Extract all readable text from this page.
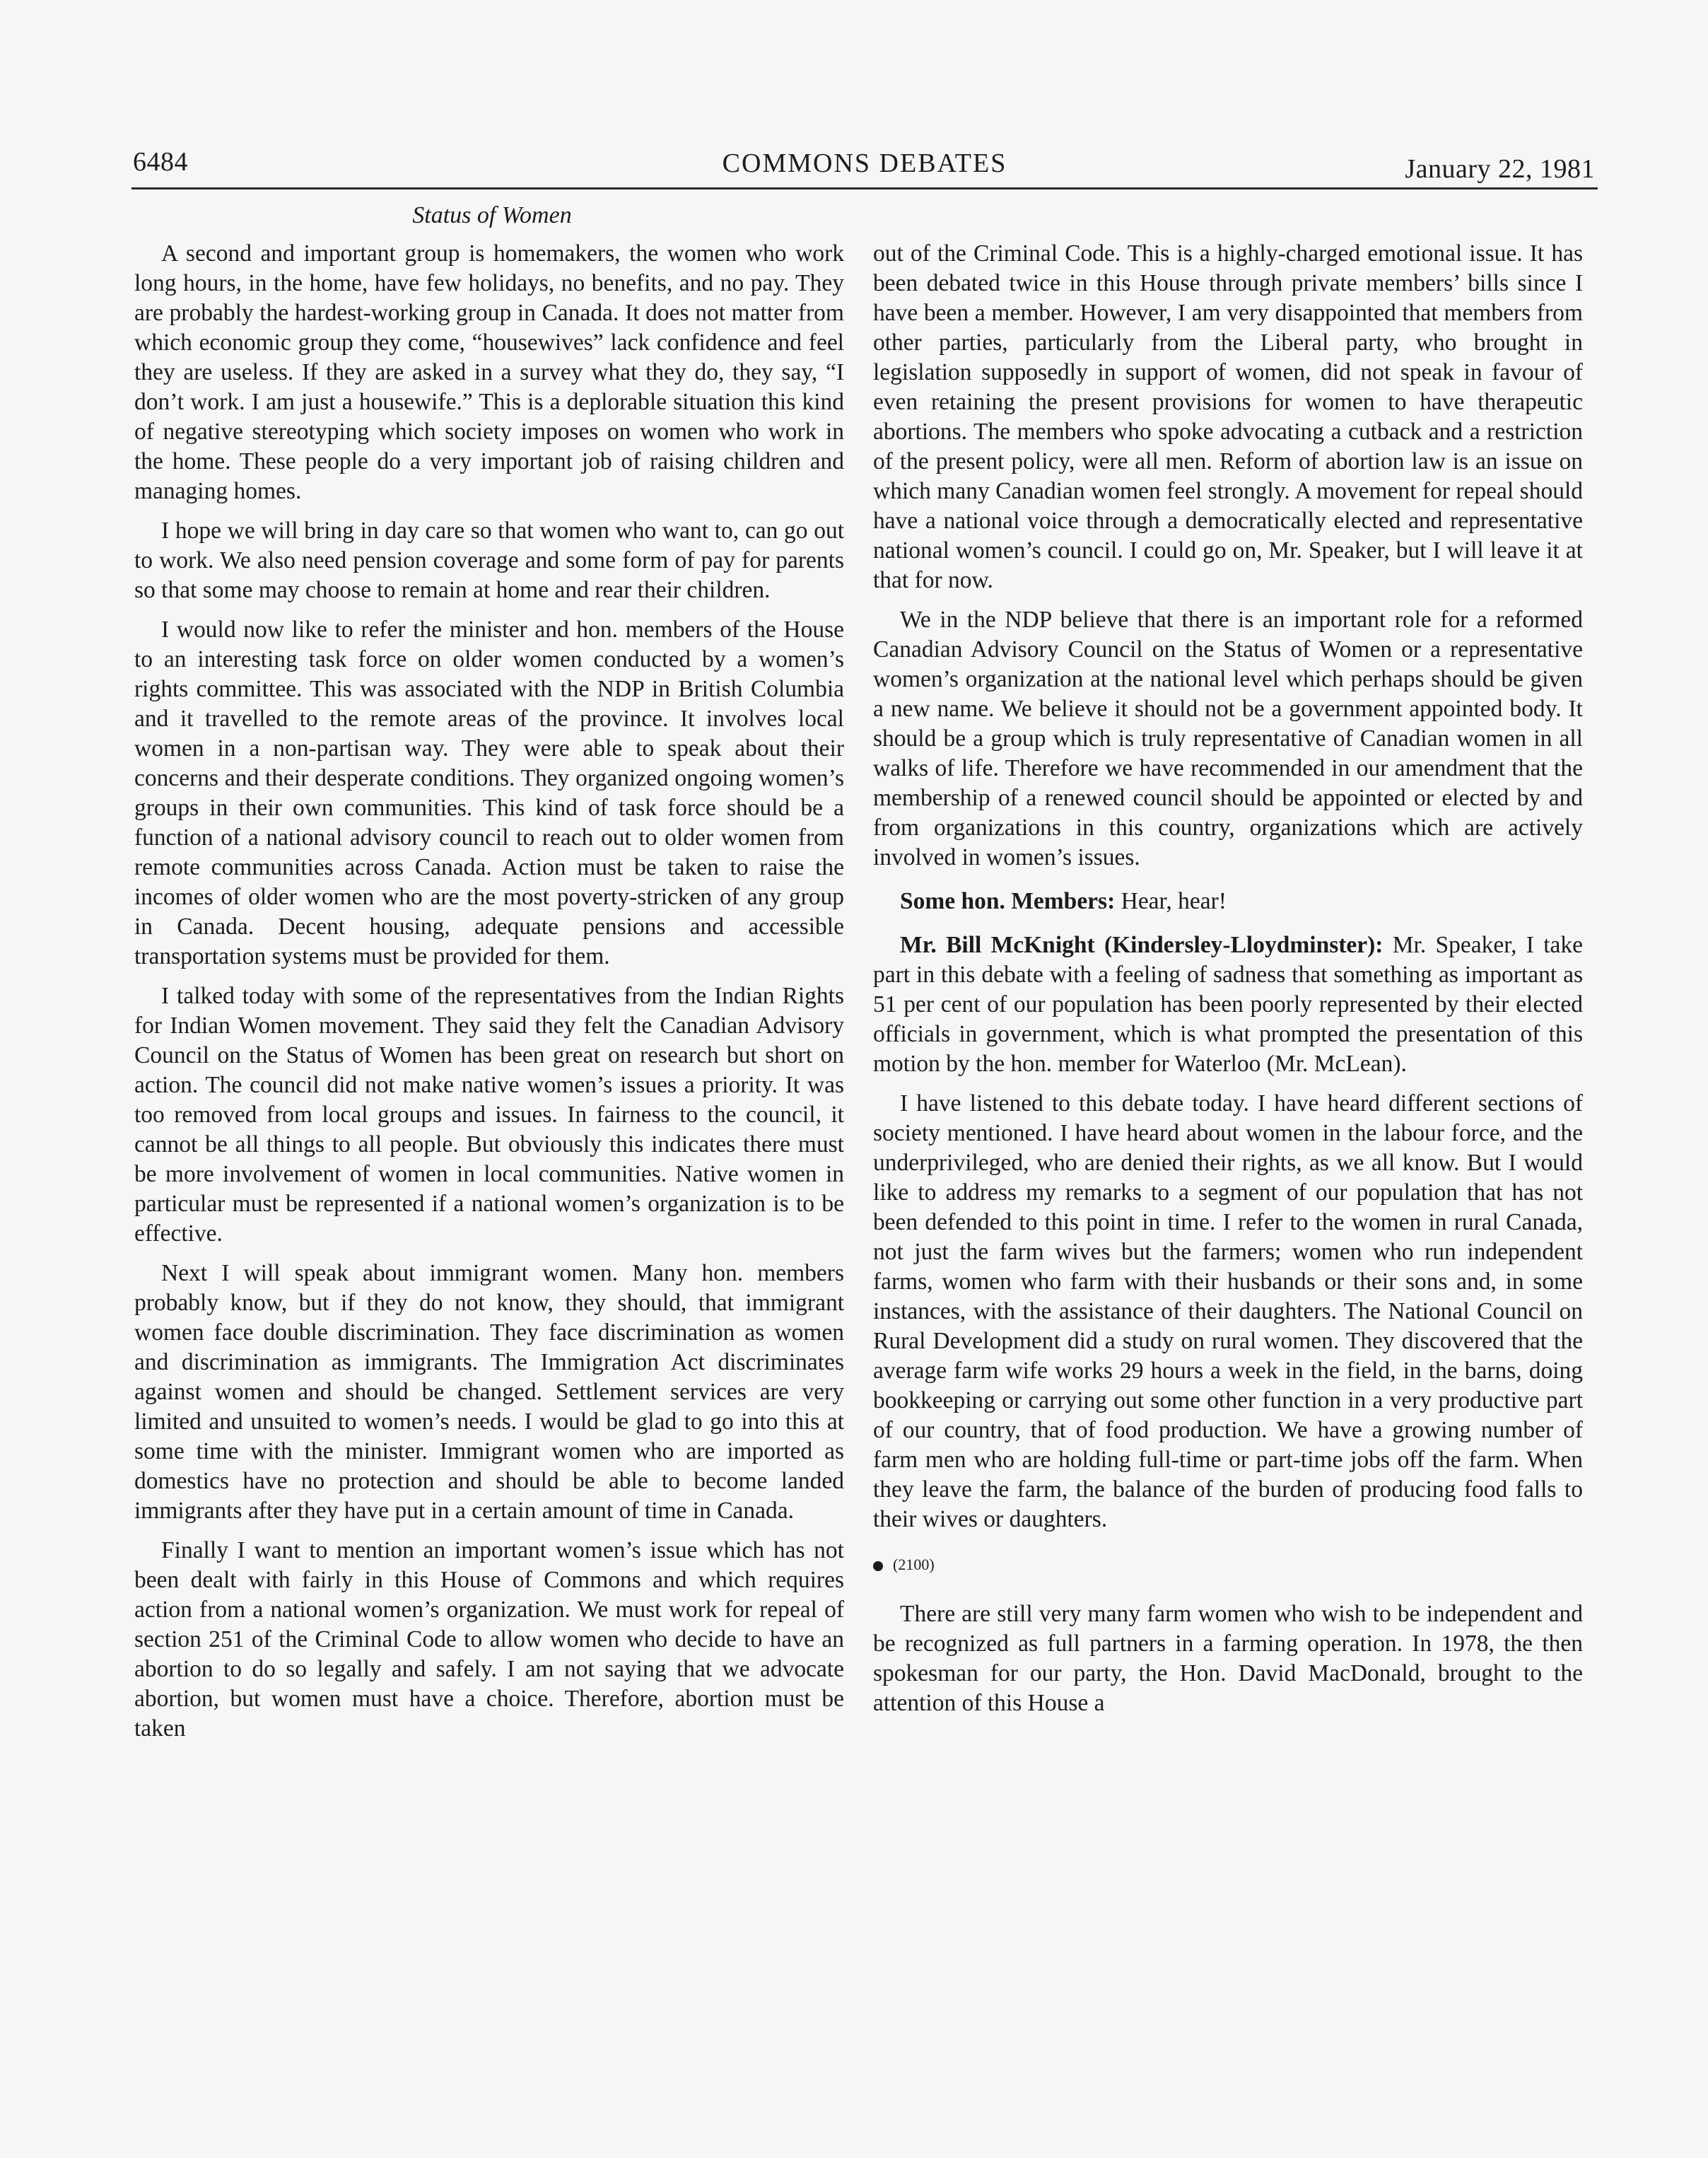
6484	COMMONS DEBATES	January 22, 1981
Status of Women

A second and important group is homemakers, the women who work long hours, in the home, have few holidays, no benefits, and no pay. They are probably the hardest-working group in Canada. It does not matter from which economic group they come, “housewives” lack confidence and feel they are useless. If they are asked in a survey what they do, they say, “I don’t work. I am just a housewife.” This is a deplorable situation this kind of negative stereotyping which society imposes on women who work in the home. These people do a very important job of raising children and managing homes.

I hope we will bring in day care so that women who want to, can go out to work. We also need pension coverage and some form of pay for parents so that some may choose to remain at home and rear their children.

I would now like to refer the minister and hon. members of the House to an interesting task force on older women conducted by a women’s rights committee. This was associated with the NDP in British Columbia and it travelled to the remote areas of the province. It involves local women in a non-partisan way. They were able to speak about their concerns and their desperate conditions. They organized ongoing women’s groups in their own communities. This kind of task force should be a function of a national advisory council to reach out to older women from remote communities across Canada. Action must be taken to raise the incomes of older women who are the most poverty-stricken of any group in Canada. Decent housing, adequate pensions and accessible transportation systems must be provided for them.

I talked today with some of the representatives from the Indian Rights for Indian Women movement. They said they felt the Canadian Advisory Council on the Status of Women has been great on research but short on action. The council did not make native women’s issues a priority. It was too removed from local groups and issues. In fairness to the council, it cannot be all things to all people. But obviously this indicates there must be more involvement of women in local communities. Native women in particular must be represented if a national women’s organization is to be effective.

Next I will speak about immigrant women. Many hon. members probably know, but if they do not know, they should, that immigrant women face double discrimination. They face discrimination as women and discrimination as immigrants. The Immigration Act discriminates against women and should be changed. Settlement services are very limited and unsuited to women’s needs. I would be glad to go into this at some time with the minister. Immigrant women who are imported as domestics have no protection and should be able to become landed immigrants after they have put in a certain amount of time in Canada.

Finally I want to mention an important women’s issue which has not been dealt with fairly in this House of Commons and which requires action from a national women’s organization. We must work for repeal of section 251 of the Criminal Code to allow women who decide to have an abortion to do so legally and safely. I am not saying that we advocate abortion, but women must have a choice. Therefore, abortion must be taken

out of the Criminal Code. This is a highly-charged emotional issue. It has been debated twice in this House through private members’ bills since I have been a member. However, I am very disappointed that members from other parties, particularly from the Liberal party, who brought in legislation supposedly in support of women, did not speak in favour of even retaining the present provisions for women to have therapeutic abortions. The members who spoke advocating a cutback and a restriction of the present policy, were all men. Reform of abortion law is an issue on which many Canadian women feel strongly. A movement for repeal should have a national voice through a democratically elected and representative national women’s council. I could go on, Mr. Speaker, but I will leave it at that for now.

We in the NDP believe that there is an important role for a reformed Canadian Advisory Council on the Status of Women or a representative women’s organization at the national level which perhaps should be given a new name. We believe it should not be a government appointed body. It should be a group which is truly representative of Canadian women in all walks of life. Therefore we have recommended in our amendment that the membership of a renewed council should be appointed or elected by and from organizations in this country, organizations which are actively involved in women’s issues.

Some hon. Members: Hear, hear!

Mr. Bill McKnight (Kindersley-Lloydminster): Mr. Speaker, I take part in this debate with a feeling of sadness that something as important as 51 per cent of our population has been poorly represented by their elected officials in government, which is what prompted the presentation of this motion by the hon. member for Waterloo (Mr. McLean).

I have listened to this debate today. I have heard different sections of society mentioned. I have heard about women in the labour force, and the underprivileged, who are denied their rights, as we all know. But I would like to address my remarks to a segment of our population that has not been defended to this point in time. I refer to the women in rural Canada, not just the farm wives but the farmers; women who run independent farms, women who farm with their husbands or their sons and, in some instances, with the assistance of their daughters. The National Council on Rural Development did a study on rural women. They discovered that the average farm wife works 29 hours a week in the field, in the barns, doing bookkeeping or carrying out some other function in a very productive part of our country, that of food production. We have a growing number of farm men who are holding full-time or part-time jobs off the farm. When they leave the farm, the balance of the burden of producing food falls to their wives or daughters.

(2100)

There are still very many farm women who wish to be independent and be recognized as full partners in a farming operation. In 1978, the then spokesman for our party, the Hon. David MacDonald, brought to the attention of this House a
